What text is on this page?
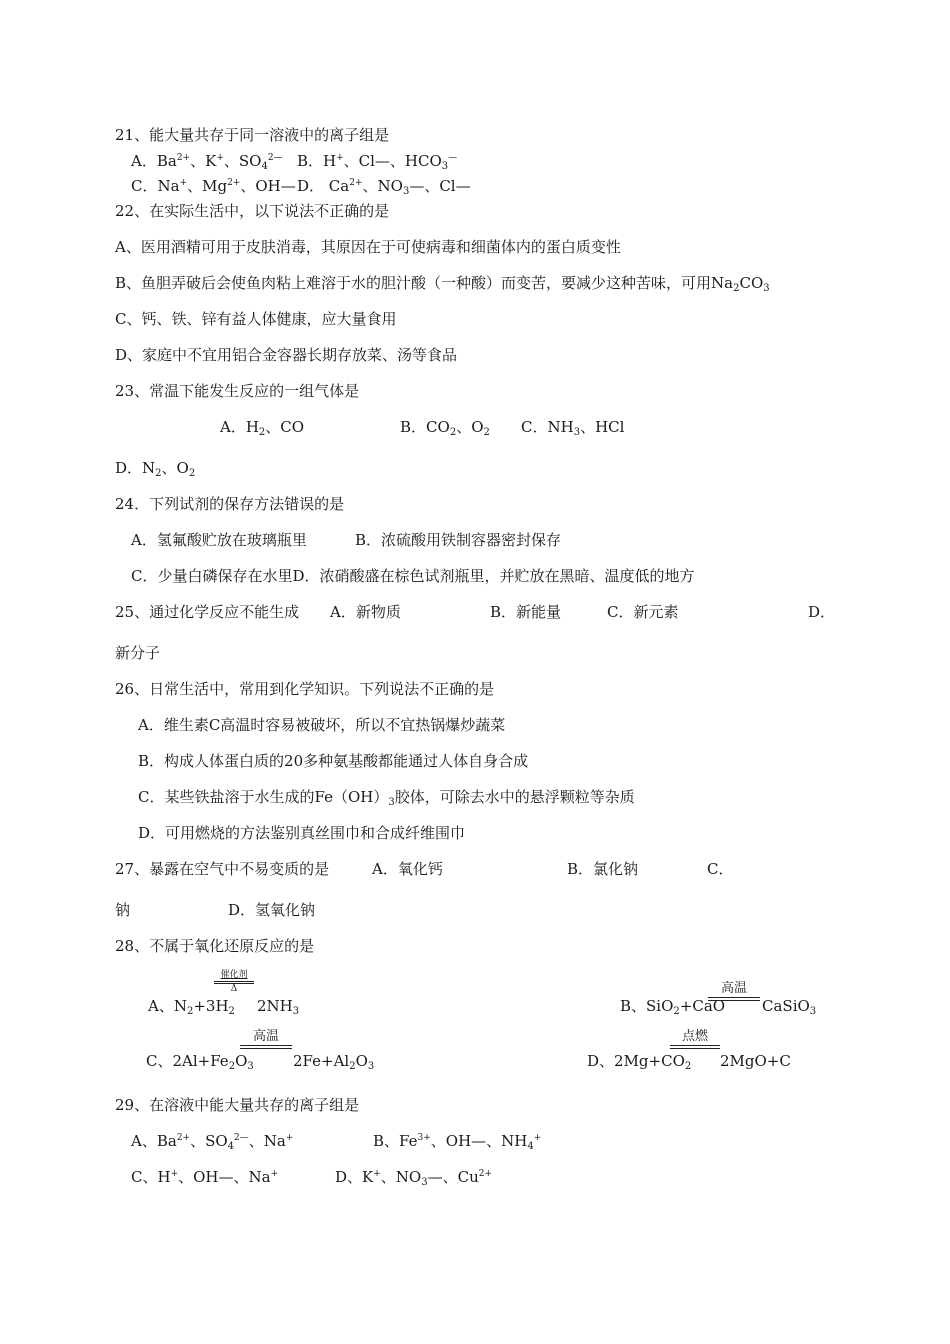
21、能大量共存于同一溶液中的离子组是
A．$Ba^{2+}$、K+、$SO_4^{2—}$ B．H+、Cl—、$HCO_3^—$
C．Na+、$Mg^{2+}$、OH— D． $Ca^{2+}$、$NO_3—$、Cl—
22、在实际生活中，以下说法不正确的是
A、医用酒精可用于皮肤消毒，其原因在于可使病毒和细菌体内的蛋白质变性
B、鱼胆弄破后会使鱼肉粘上难溶于水的胆汁酸（一种酸）而变苦，要减少这种苦味，可用$Na_2CO_3$
C、钙、铁、锌有益人体健康，应大量食用
D、家庭中不宜用铝合金容器长期存放菜、汤等食品
23、常温下能发生反应的一组气体是
A．$H_2$、CO	B．$CO_2$、$O_2$ C．$NH_3$、HCl
D．$N_2$、$O_2$
24．下列试剂的保存方法错误的是
A．氢氟酸贮放在玻璃瓶里	B．浓硫酸用铁制容器密封保存
C．少量白磷保存在水里D．浓硝酸盛在棕色试剂瓶里，并贮放在黑暗、温度低的地方
25、通过化学反应不能生成 A．新物质	B．新能量	C．新元素	D．
新分子
26、日常生活中，常用到化学知识。下列说法不正确的是
A．维生素C高温时容易被破坏，所以不宜热锅爆炒蔬菜
B．构成人体蛋白质的20多种氨基酸都能通过人体自身合成
C．某些铁盐溶于水生成的$Fe(OH)_3$胶体，可除去水中的悬浮颗粒等杂质
D．可用燃烧的方法鉴别真丝围巾和合成纤维围巾
27、暴露在空气中不易变质的是	A．氧化钙	B．氯化钠	C．
钠	D．氢氧化钠
28、不属于氧化还原反应的是
A、$N_2+3H_2$
催化剂
Δ
$2NH_3$	B、SiO$_2$+CaO
高温
CaSiO$_3$
C、$2Al+Fe_2O_3$
高温
$2Fe+Al_2O_3$	D、$2Mg+CO_2$
点燃
2MgO+C
29、在溶液中能大量共存的离子组是
A、$Ba^{2+}$、$SO_4^{2—}$、Na+	B、$Fe^{3+}$、OH—、$NH_4^+$
C、H+、OH—、Na+	D、K+、$NO_3—$、$Cu^{2+}$
